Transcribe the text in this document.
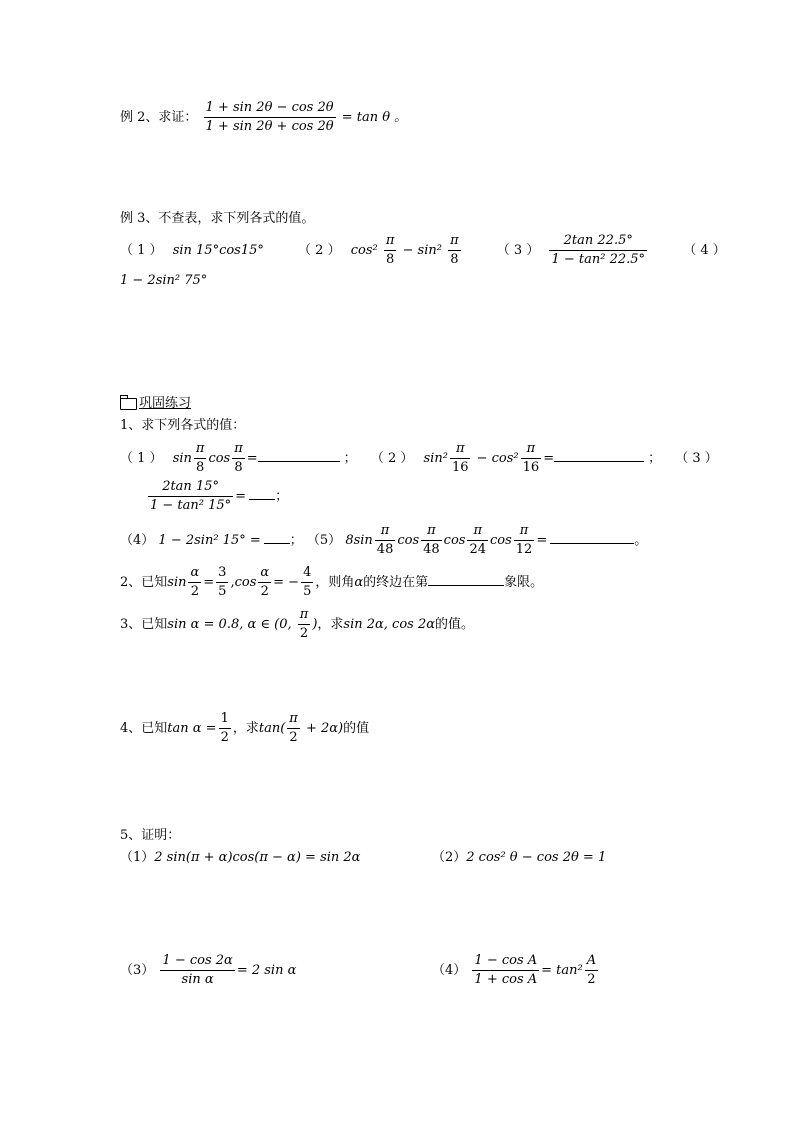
例 2、求证： $\frac{1 + \sin 2\theta - \cos 2\theta}{1 + \sin 2\theta + \cos 2\theta} = \tan \theta$ 。
例 3、不查表，求下列各式的值。
（ 1 ） sin 15°cos15°	（ 2 ） $\cos^2 \frac{\pi}{8} - \sin^2 \frac{\pi}{8}$	（ 3 ） $\frac{2\tan 22.5^\circ}{\text{1 − tan² 22.5°}}$	（ 4 ）
1 − 2sin² 75°
巩固练习
1、求下列各式的值：
（ 1 ） $\sin \frac{\pi}{8}$ $\cos \frac{\pi}{8}$ =	； （ 2 ） $\sin^2 \frac{\pi}{16} - \cos^2 \frac{\pi}{16}$ =	； （ 3 ）
$\frac{2\tan 15^\circ}{\text{1 − tan² 15°}}$ = ；
（4） 1 − 2sin² 15° = ； （5） $8\sin \frac{\pi}{48}$ $\cos \frac{\pi}{48}$ $\cos \frac{\pi}{24}$ $\cos \frac{\pi}{12}$ =	。
2、已知$\sin \frac{\alpha}{2} = \frac{3}{5} ,\cos \frac{\alpha}{2}$ = − $\frac{4}{5}$ ，则角α的终边在第	象限。
3、已知sin α = 0.8, α ∈ (0, $\frac{\pi}{2}$ )，求sin 2α, cos 2α的值。
4、已知$\tan \alpha = \frac{1}{2}$ ，求$\tan( \frac{\pi}{2} + 2\alpha)$的值
5、证明：
（1）2 sin(π + α)cos(π − α) = sin 2α	（2）2 cos² θ − cos 2θ = 1
$(3) \frac{1 - \cos 2\alpha}{\text{sin α}} = 2$ sin α	$(4) \frac{\text{1 − cos A}}{\text{1 + cos A}} = \tan^2 \frac{A}{2}$
